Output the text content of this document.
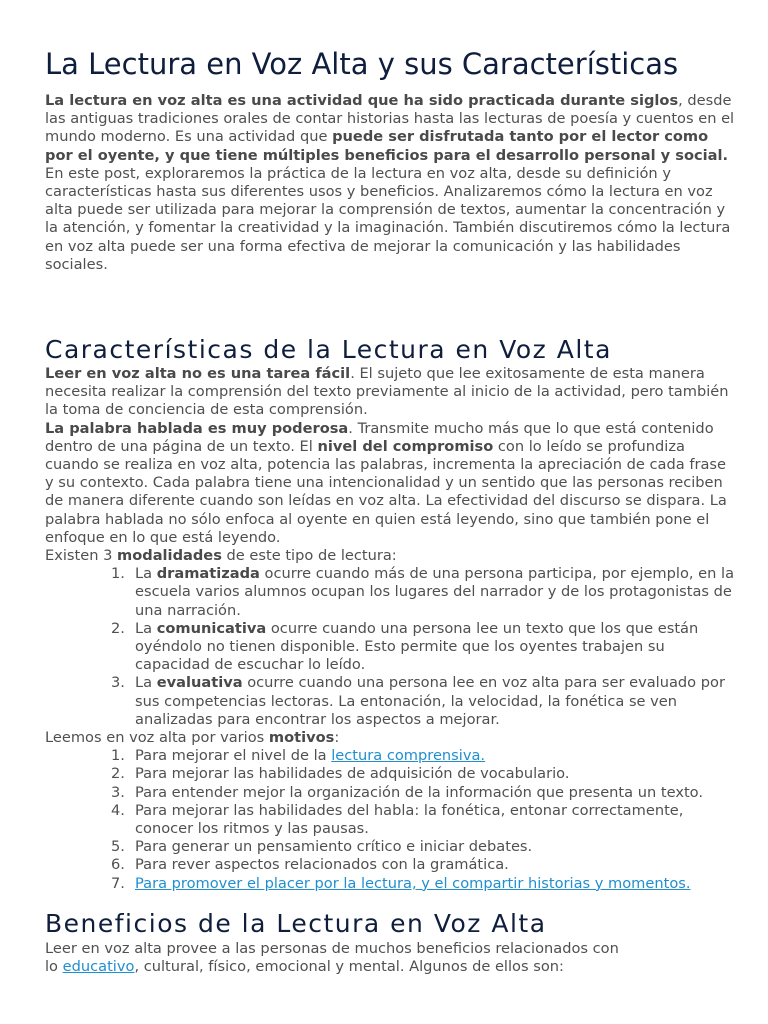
La Lectura en Voz Alta y sus Características

La lectura en voz alta es una actividad que ha sido practicada durante siglos, desde las antiguas tradiciones orales de contar historias hasta las lecturas de poesía y cuentos en el mundo moderno. Es una actividad que puede ser disfrutada tanto por el lector como por el oyente, y que tiene múltiples beneficios para el desarrollo personal y social.

En este post, exploraremos la práctica de la lectura en voz alta, desde su definición y características hasta sus diferentes usos y beneficios. Analizaremos cómo la lectura en voz alta puede ser utilizada para mejorar la comprensión de textos, aumentar la concentración y la atención, y fomentar la creatividad y la imaginación. También discutiremos cómo la lectura en voz alta puede ser una forma efectiva de mejorar la comunicación y las habilidades sociales.

Características de la Lectura en Voz Alta

Leer en voz alta no es una tarea fácil. El sujeto que lee exitosamente de esta manera necesita realizar la comprensión del texto previamente al inicio de la actividad, pero también la toma de conciencia de esta comprensión.

La palabra hablada es muy poderosa. Transmite mucho más que lo que está contenido dentro de una página de un texto. El nivel del compromiso con lo leído se profundiza cuando se realiza en voz alta, potencia las palabras, incrementa la apreciación de cada frase y su contexto. Cada palabra tiene una intencionalidad y un sentido que las personas reciben de manera diferente cuando son leídas en voz alta. La efectividad del discurso se dispara. La palabra hablada no sólo enfoca al oyente en quien está leyendo, sino que también pone el enfoque en lo que está leyendo.

Existen 3 modalidades de este tipo de lectura:

1. La dramatizada ocurre cuando más de una persona participa, por ejemplo, en la escuela varios alumnos ocupan los lugares del narrador y de los protagonistas de una narración.
2. La comunicativa ocurre cuando una persona lee un texto que los que están oyéndolo no tienen disponible. Esto permite que los oyentes trabajen su capacidad de escuchar lo leído.
3. La evaluativa ocurre cuando una persona lee en voz alta para ser evaluado por sus competencias lectoras. La entonación, la velocidad, la fonética se ven analizadas para encontrar los aspectos a mejorar.

Leemos en voz alta por varios motivos:

1. Para mejorar el nivel de la lectura comprensiva.
2. Para mejorar las habilidades de adquisición de vocabulario.
3. Para entender mejor la organización de la información que presenta un texto.
4. Para mejorar las habilidades del habla: la fonética, entonar correctamente, conocer los ritmos y las pausas.
5. Para generar un pensamiento crítico e iniciar debates.
6. Para rever aspectos relacionados con la gramática.
7. Para promover el placer por la lectura, y el compartir historias y momentos.
Beneficios de la Lectura en Voz Alta

Leer en voz alta provee a las personas de muchos beneficios relacionados con

lo educativo, cultural, físico, emocional y mental. Algunos de ellos son:
